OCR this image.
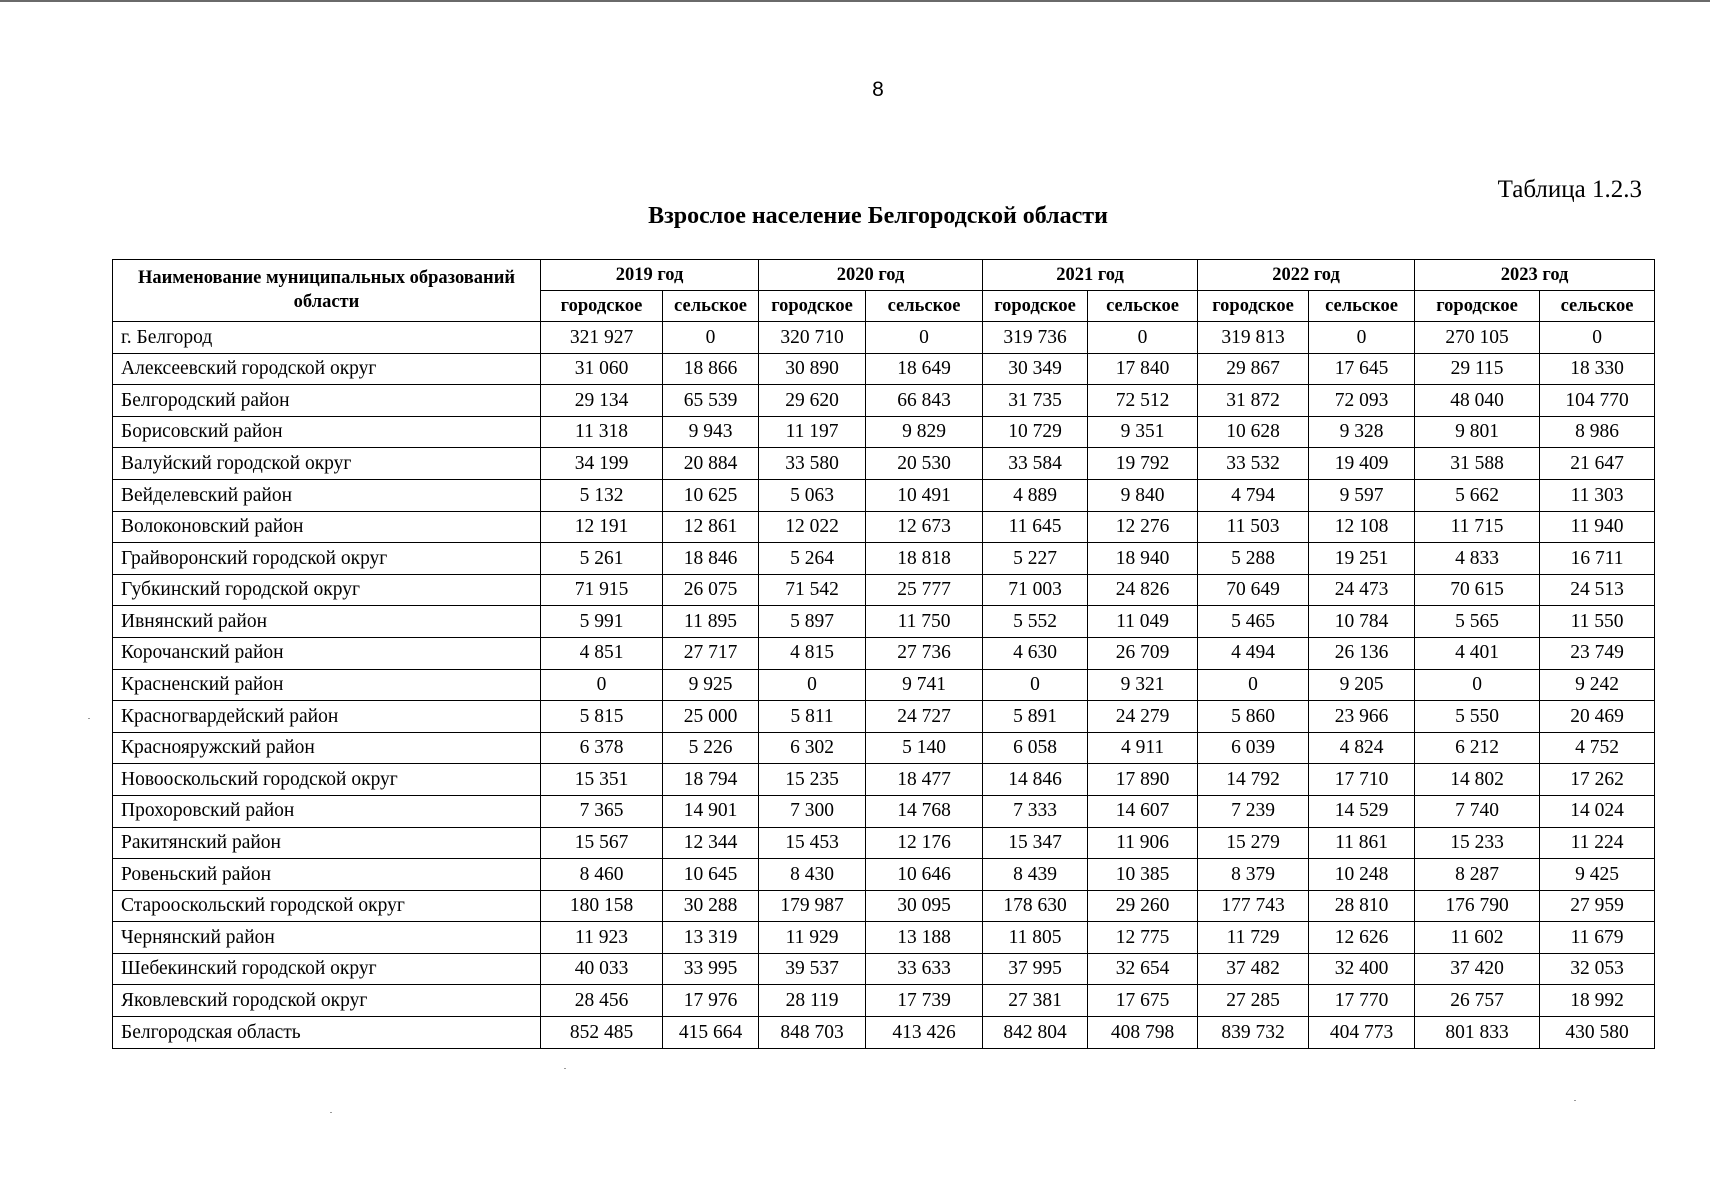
8
Таблица 1.2.3
Взрослое население Белгородской области
Наименование муниципальных образований области	2019 год		2020 год		2021 год		2022 год		2023 год	
	городское	сельское	городское	сельское	городское	сельское	городское	сельское	городское	сельское
г. Белгород	321 927	0	320 710	0	319 736	0	319 813	0	270 105	0
Алексеевский городской округ	31 060	18 866	30 890	18 649	30 349	17 840	29 867	17 645	29 115	18 330
Белгородский район	29 134	65 539	29 620	66 843	31 735	72 512	31 872	72 093	48 040	104 770
Борисовский район	11 318	9 943	11 197	9 829	10 729	9 351	10 628	9 328	9 801	8 986
Валуйский городской округ	34 199	20 884	33 580	20 530	33 584	19 792	33 532	19 409	31 588	21 647
Вейделевский район	5 132	10 625	5 063	10 491	4 889	9 840	4 794	9 597	5 662	11 303
Волоконовский район	12 191	12 861	12 022	12 673	11 645	12 276	11 503	12 108	11 715	11 940
Грайворонский городской округ	5 261	18 846	5 264	18 818	5 227	18 940	5 288	19 251	4 833	16 711
Губкинский городской округ	71 915	26 075	71 542	25 777	71 003	24 826	70 649	24 473	70 615	24 513
Ивнянский район	5 991	11 895	5 897	11 750	5 552	11 049	5 465	10 784	5 565	11 550
Корочанский район	4 851	27 717	4 815	27 736	4 630	26 709	4 494	26 136	4 401	23 749
Красненский район	0	9 925	0	9 741	0	9 321	0	9 205	0	9 242
Красногвардейский район	5 815	25 000	5 811	24 727	5 891	24 279	5 860	23 966	5 550	20 469
Краснояружский район	6 378	5 226	6 302	5 140	6 058	4 911	6 039	4 824	6 212	4 752
Новооскольский городской округ	15 351	18 794	15 235	18 477	14 846	17 890	14 792	17 710	14 802	17 262
Прохоровский район	7 365	14 901	7 300	14 768	7 333	14 607	7 239	14 529	7 740	14 024
Ракитянский район	15 567	12 344	15 453	12 176	15 347	11 906	15 279	11 861	15 233	11 224
Ровеньский район	8 460	10 645	8 430	10 646	8 439	10 385	8 379	10 248	8 287	9 425
Старооскольский городской округ	180 158	30 288	179 987	30 095	178 630	29 260	177 743	28 810	176 790	27 959
Чернянский район	11 923	13 319	11 929	13 188	11 805	12 775	11 729	12 626	11 602	11 679
Шебекинский городской округ	40 033	33 995	39 537	33 633	37 995	32 654	37 482	32 400	37 420	32 053
Яковлевский городской округ	28 456	17 976	28 119	17 739	27 381	17 675	27 285	17 770	26 757	18 992
Белгородская область	852 485	415 664	848 703	413 426	842 804	408 798	839 732	404 773	801 833	430 580
